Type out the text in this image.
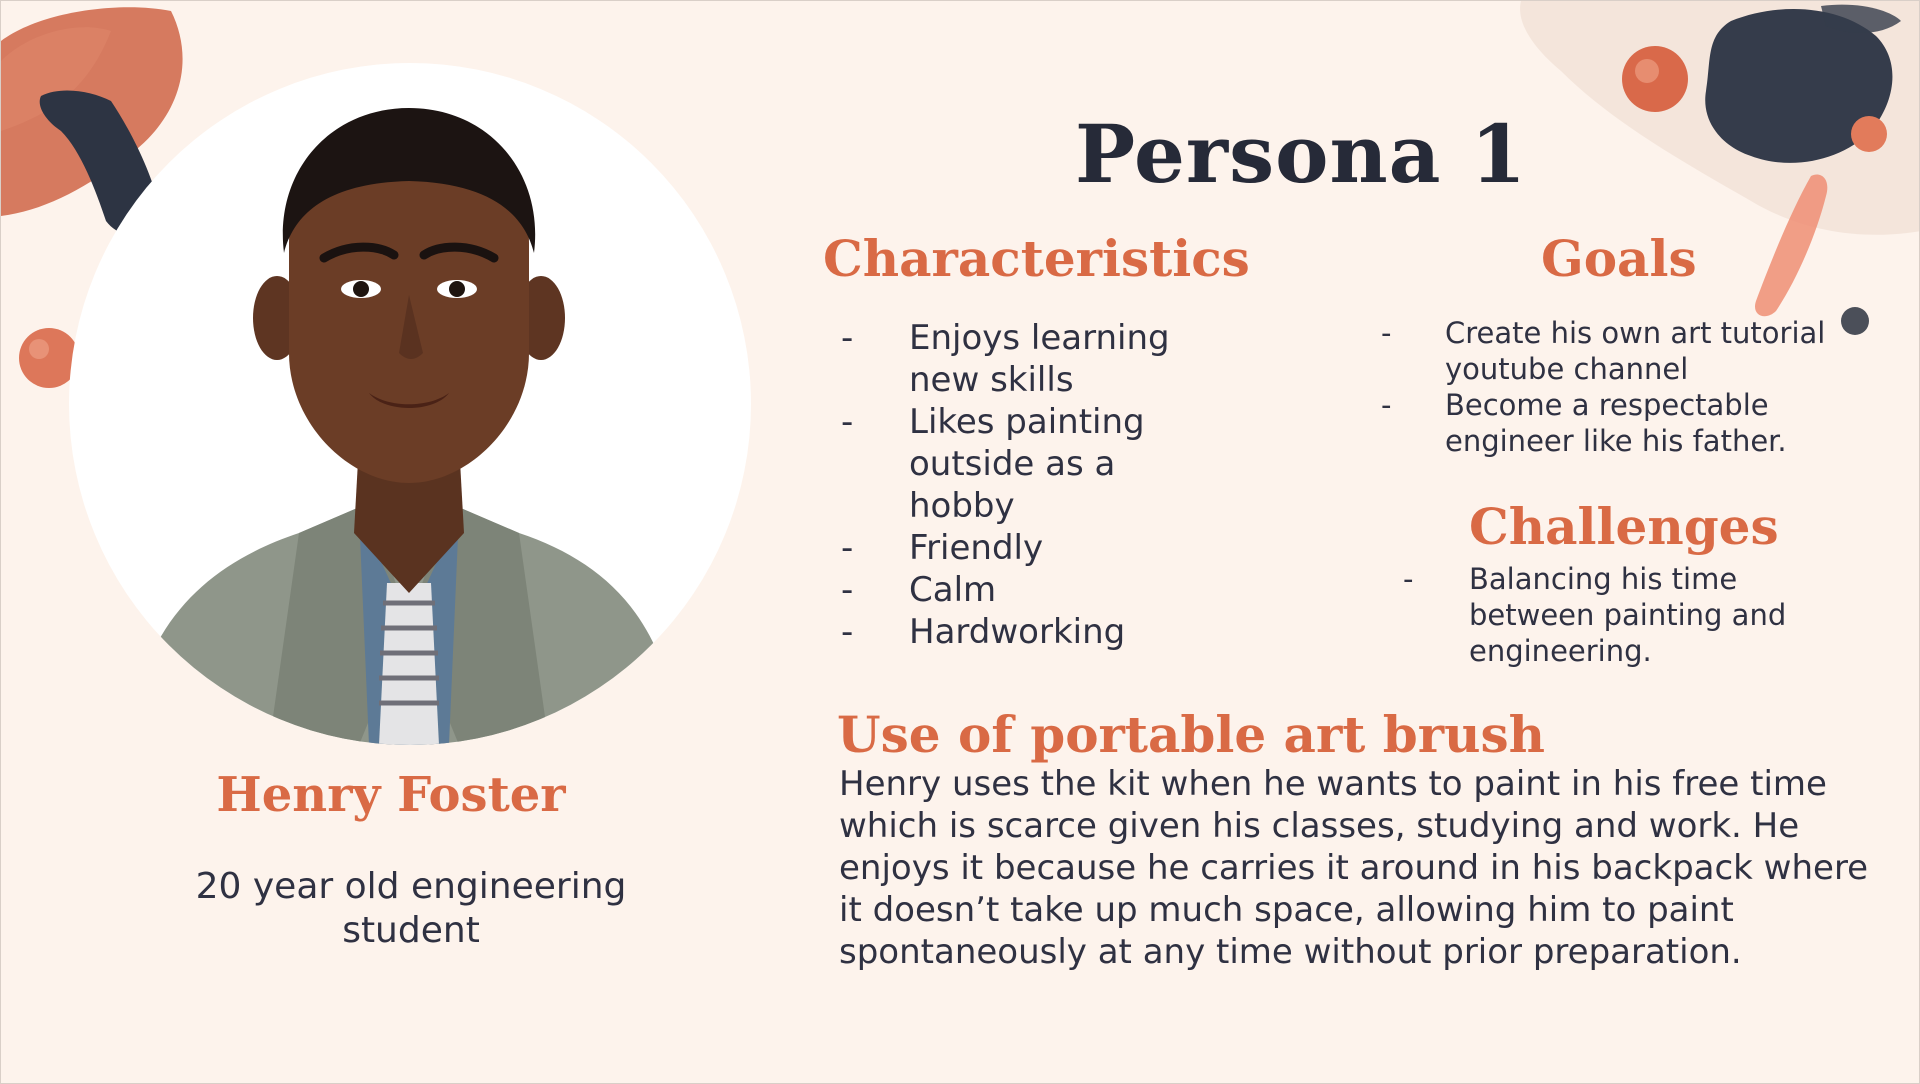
Henry Foster

20 year old engineering student

Persona 1
Characteristics
- Enjoys learning
new skills
- Likes painting
outside as a
hobby
- Friendly
- Calm
- Hardworking
Goals
- Create his own art tutorial
youtube channel
- Become a respectable
engineer like his father.
Challenges
- Balancing his time
between painting and
engineering.
Use of portable art brush

Henry uses the kit when he wants to paint in his free time which is scarce given his classes, studying and work. He enjoys it because he carries it around in his backpack where it doesn’t take up much space, allowing him to paint spontaneously at any time without prior preparation.
